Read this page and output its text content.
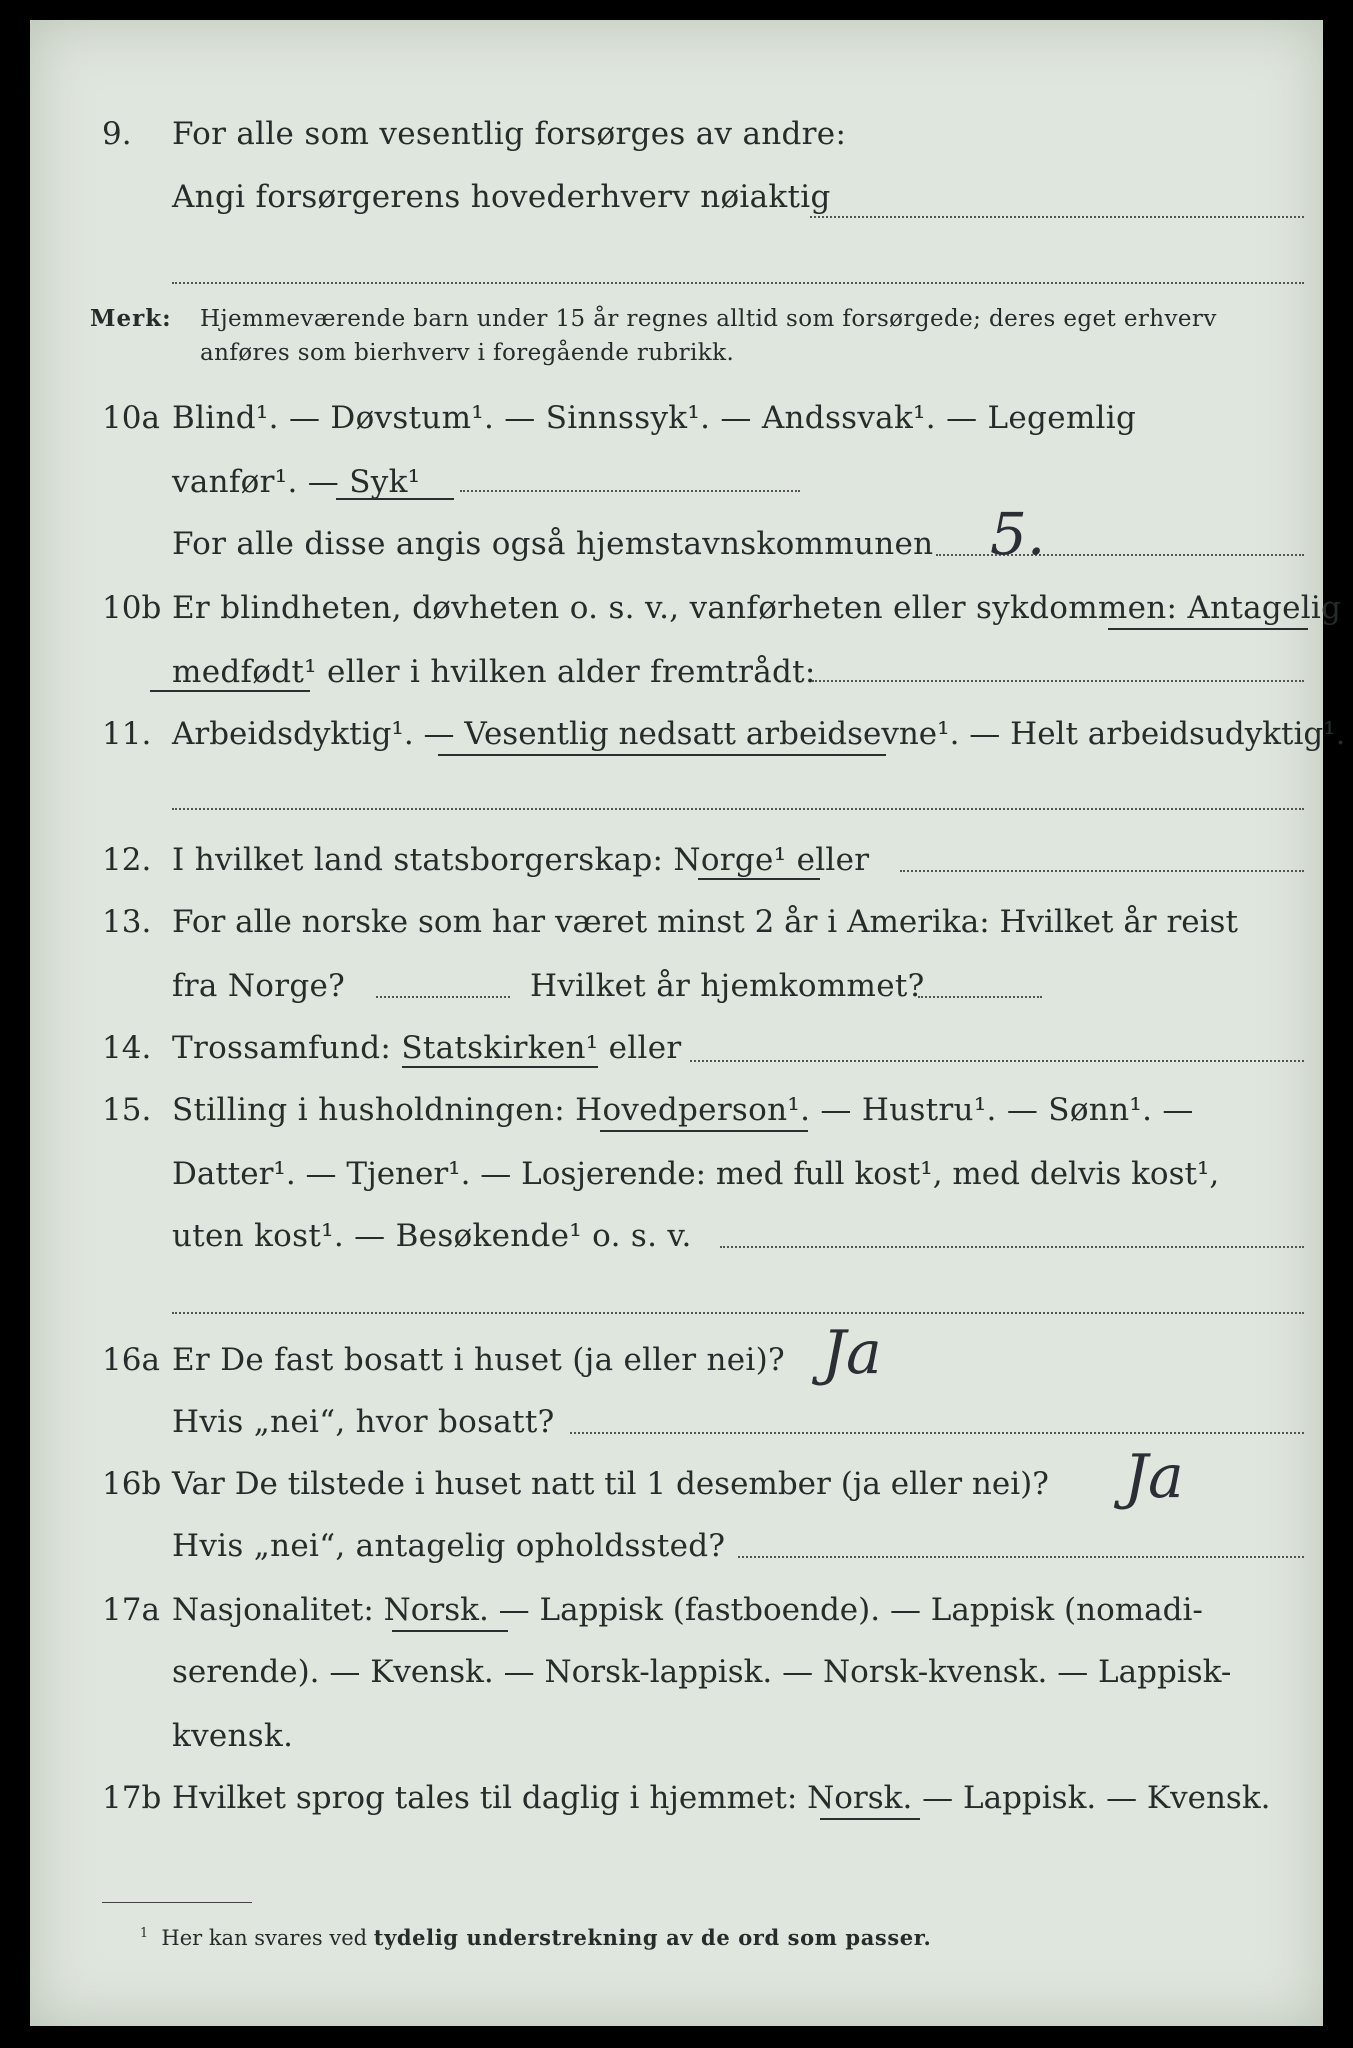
9. For alle som vesentlig forsørges av andre:
Angi forsørgerens hovederhverv nøiaktig
Merk: Hjemmeværende barn under 15 år regnes alltid som forsørgede; deres eget erhverv
anføres som bierhverv i foregående rubrikk.
10a Blind¹. — Døvstum¹. — Sinnssyk¹. — Andssvak¹. — Legemlig
vanfør¹. — Syk¹
For alle disse angis også hjemstavnskommunen 5.
10b Er blindheten, døvheten o. s. v., vanførheten eller sykdommen: Antagelig
medfødt¹ eller i hvilken alder fremtrådt:
11. Arbeidsdyktig¹. — Vesentlig nedsatt arbeidsevne¹. — Helt arbeidsudyktig¹.
12. I hvilket land statsborgerskap: Norge¹ eller
13. For alle norske som har været minst 2 år i Amerika: Hvilket år reist
fra Norge?	Hvilket år hjemkommet?
14. Trossamfund: Statskirken¹ eller
15. Stilling i husholdningen: Hovedperson¹. — Hustru¹. — Sønn¹. —
Datter¹. — Tjener¹. — Losjerende: med full kost¹, med delvis kost¹,
uten kost¹. — Besøkende¹ o. s. v.
16a Er De fast bosatt i huset (ja eller nei)? Ja
Hvis „nei“, hvor bosatt?
16b Var De tilstede i huset natt til 1 desember (ja eller nei)? Ja
Hvis „nei“, antagelig opholdssted?
17a Nasjonalitet: Norsk. — Lappisk (fastboende). — Lappisk (nomadi-
serende). — Kvensk. — Norsk-lappisk. — Norsk-kvensk. — Lappisk-
kvensk.
17b Hvilket sprog tales til daglig i hjemmet: Norsk. — Lappisk. — Kvensk.
$^1$ Her kan svares ved tydelig understrekning av de ord som passer.
